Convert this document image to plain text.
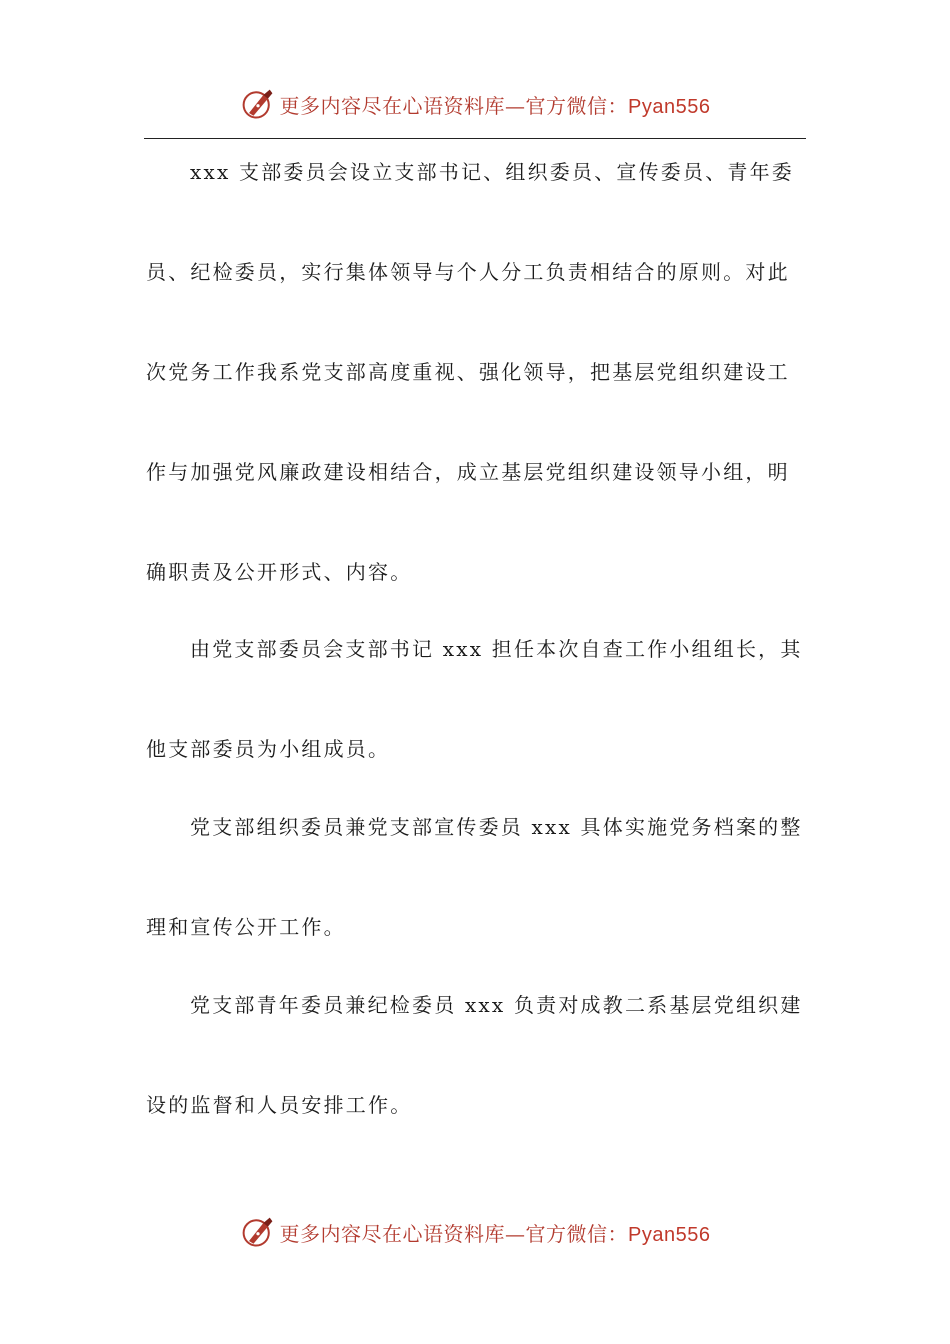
更多内容尽在心语资料库—官方微信：Pyan556
xxx 支部委员会设立支部书记、组织委员、宣传委员、青年委
员、纪检委员，实行集体领导与个人分工负责相结合的原则。对此
次党务工作我系党支部高度重视、强化领导，把基层党组织建设工
作与加强党风廉政建设相结合，成立基层党组织建设领导小组，明
确职责及公开形式、内容。
由党支部委员会支部书记 xxx 担任本次自查工作小组组长，其
他支部委员为小组成员。
党支部组织委员兼党支部宣传委员 xxx 具体实施党务档案的整
理和宣传公开工作。
党支部青年委员兼纪检委员 xxx 负责对成教二系基层党组织建
设的监督和人员安排工作。
更多内容尽在心语资料库—官方微信：Pyan556
